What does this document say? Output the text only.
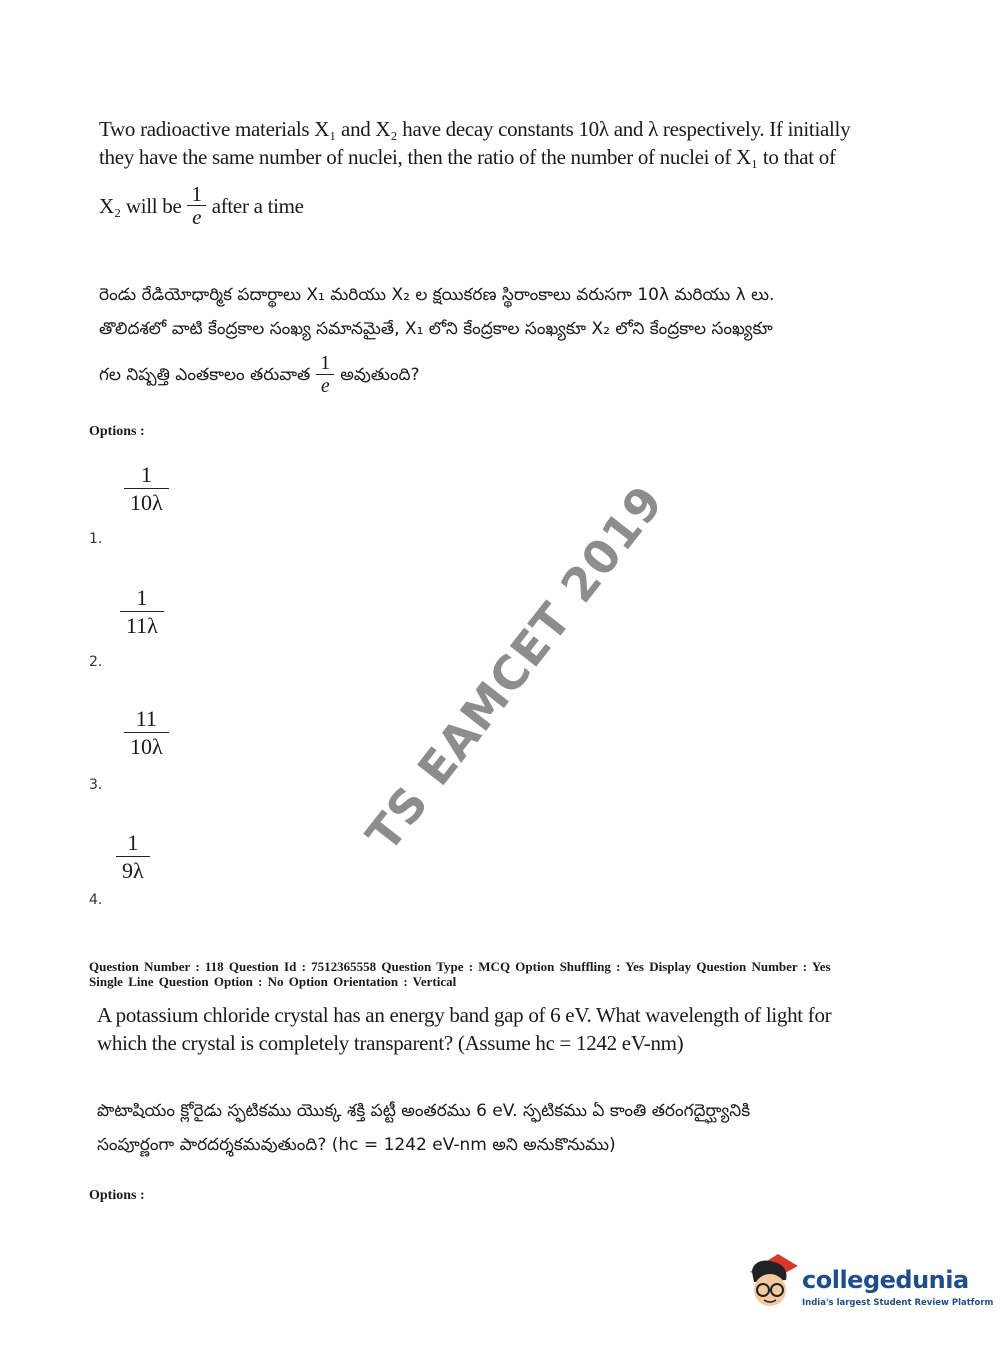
Two radioactive materials X₁ and X₂ have decay constants 10λ and λ respectively. If initially
they have the same number of nuclei, then the ratio of the number of nuclei of X₁ to that of
X₂ will be $\frac{1}{e}$ after a time
రెండు రేడియోధార్మిక పదార్థాలు X₁ మరియు X₂ ల క్షయికరణ స్థిరాంకాలు వరుసగా 10λ మరియు λ లు.
తొలిదశలో వాటి కేంద్రకాల సంఖ్య సమానమైతే, X₁ లోని కేంద్రకాల సంఖ్యకూ X₂ లోని కేంద్రకాల సంఖ్యకూ
గల నిష్పత్తి ఎంతకాలం తరువాత $\frac{1}{e}$ అవుతుంది?
Options :
1
10λ
1.
1
11λ
2.
11
10λ
3.
1
9λ
4.
TS EAMCET 2019
Question Number : 118 Question Id : 7512365558 Question Type : MCQ Option Shuffling : Yes Display Question Number : Yes
Single Line Question Option : No Option Orientation : Vertical
A potassium chloride crystal has an energy band gap of 6 eV. What wavelength of light for
which the crystal is completely transparent? (Assume hc = 1242 eV-nm)
పొటాషియం క్లోరైడు స్ఫటికము యొక్క శక్తి పట్టీ అంతరము 6 eV. స్ఫటికము ఏ కాంతి తరంగదైర్ఘ్యానికి
సంపూర్ణంగా పారదర్శకమవుతుంది? (hc = 1242 eV-nm అని అనుకొనుము)
Options :
collegedunia
India's largest Student Review Platform
